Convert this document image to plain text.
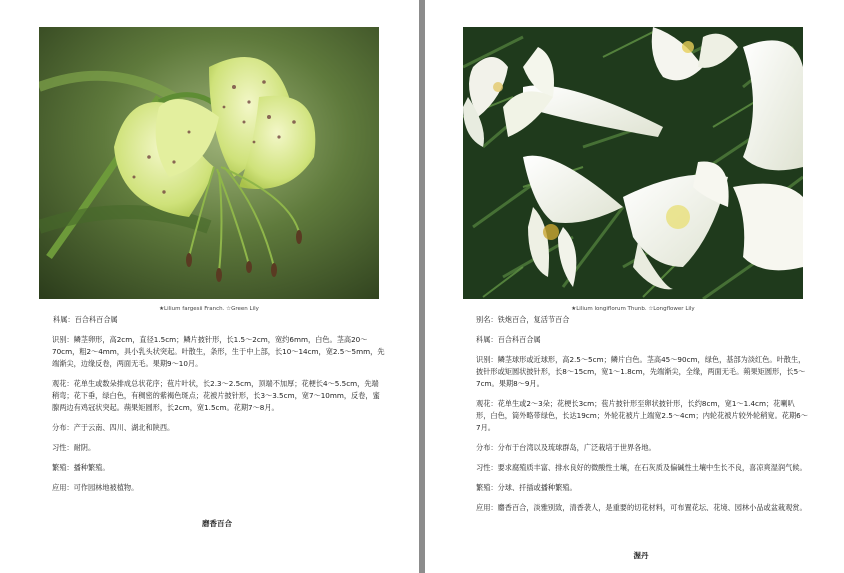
★Lilium fargesii Franch. ☆Green Lily

科属：百合科百合属

识别：鳞茎卵形，高2cm，直径1.5cm；鳞片披针形，长1.5～2cm，宽约6mm，白色。茎高20～70cm，粗2～4mm，具小乳头状突起。叶散生，条形，生于中上部，长10～14cm，宽2.5～5mm，先端渐尖，边缘反卷，两面无毛。果期9～10月。

观花：花单生或数朵排成总状花序；苞片叶状，长2.3～2.5cm，顶端不加厚；花梗长4～5.5cm，先端稍弯；花下垂，绿白色，有稠密的紫褐色斑点；花被片披针形，长3～3.5cm，宽7～10mm，反卷，蜜腺两边有鸡冠状突起。蒴果矩圆形，长2cm，宽1.5cm。花期7～8月。

分布：产于云南、四川、湖北和陕西。

习性：耐阴。

繁殖：播种繁殖。

应用：可作园林地被植物。

磨香百合
★Lilium longiflorum Thunb. ☆Longflower Lily

别名：铁炮百合，复活节百合

科属：百合科百合属

识别：鳞茎球形或近球形，高2.5～5cm；鳞片白色。茎高45～90cm，绿色，基部为淡红色。叶散生，披针形或矩圆状披针形，长8～15cm，宽1～1.8cm，先端渐尖，全缘，两面无毛。蒴果矩圆形，长5～7cm。果期8～9月。

观花：花单生或2～3朵；花梗长3cm；苞片披针形至卵状披针形，长约8cm，宽1～1.4cm；花喇叭形，白色，筒外略带绿色，长达19cm；外轮花被片上端宽2.5～4cm；内轮花被片较外轮稍宽。花期6～7月。

分布：分布于台湾以及琉球群岛，广泛栽培于世界各地。

习性：要求腐殖质丰富、排水良好的微酸性土壤，在石灰质及偏碱性土壤中生长不良，喜凉爽湿润气候。

繁殖：分球、扦插或播种繁殖。

应用：麝香百合，淡雅别致，清香袭人，是重要的切花材料，可布置花坛、花境、园林小品或盆栽观赏。

渥丹
